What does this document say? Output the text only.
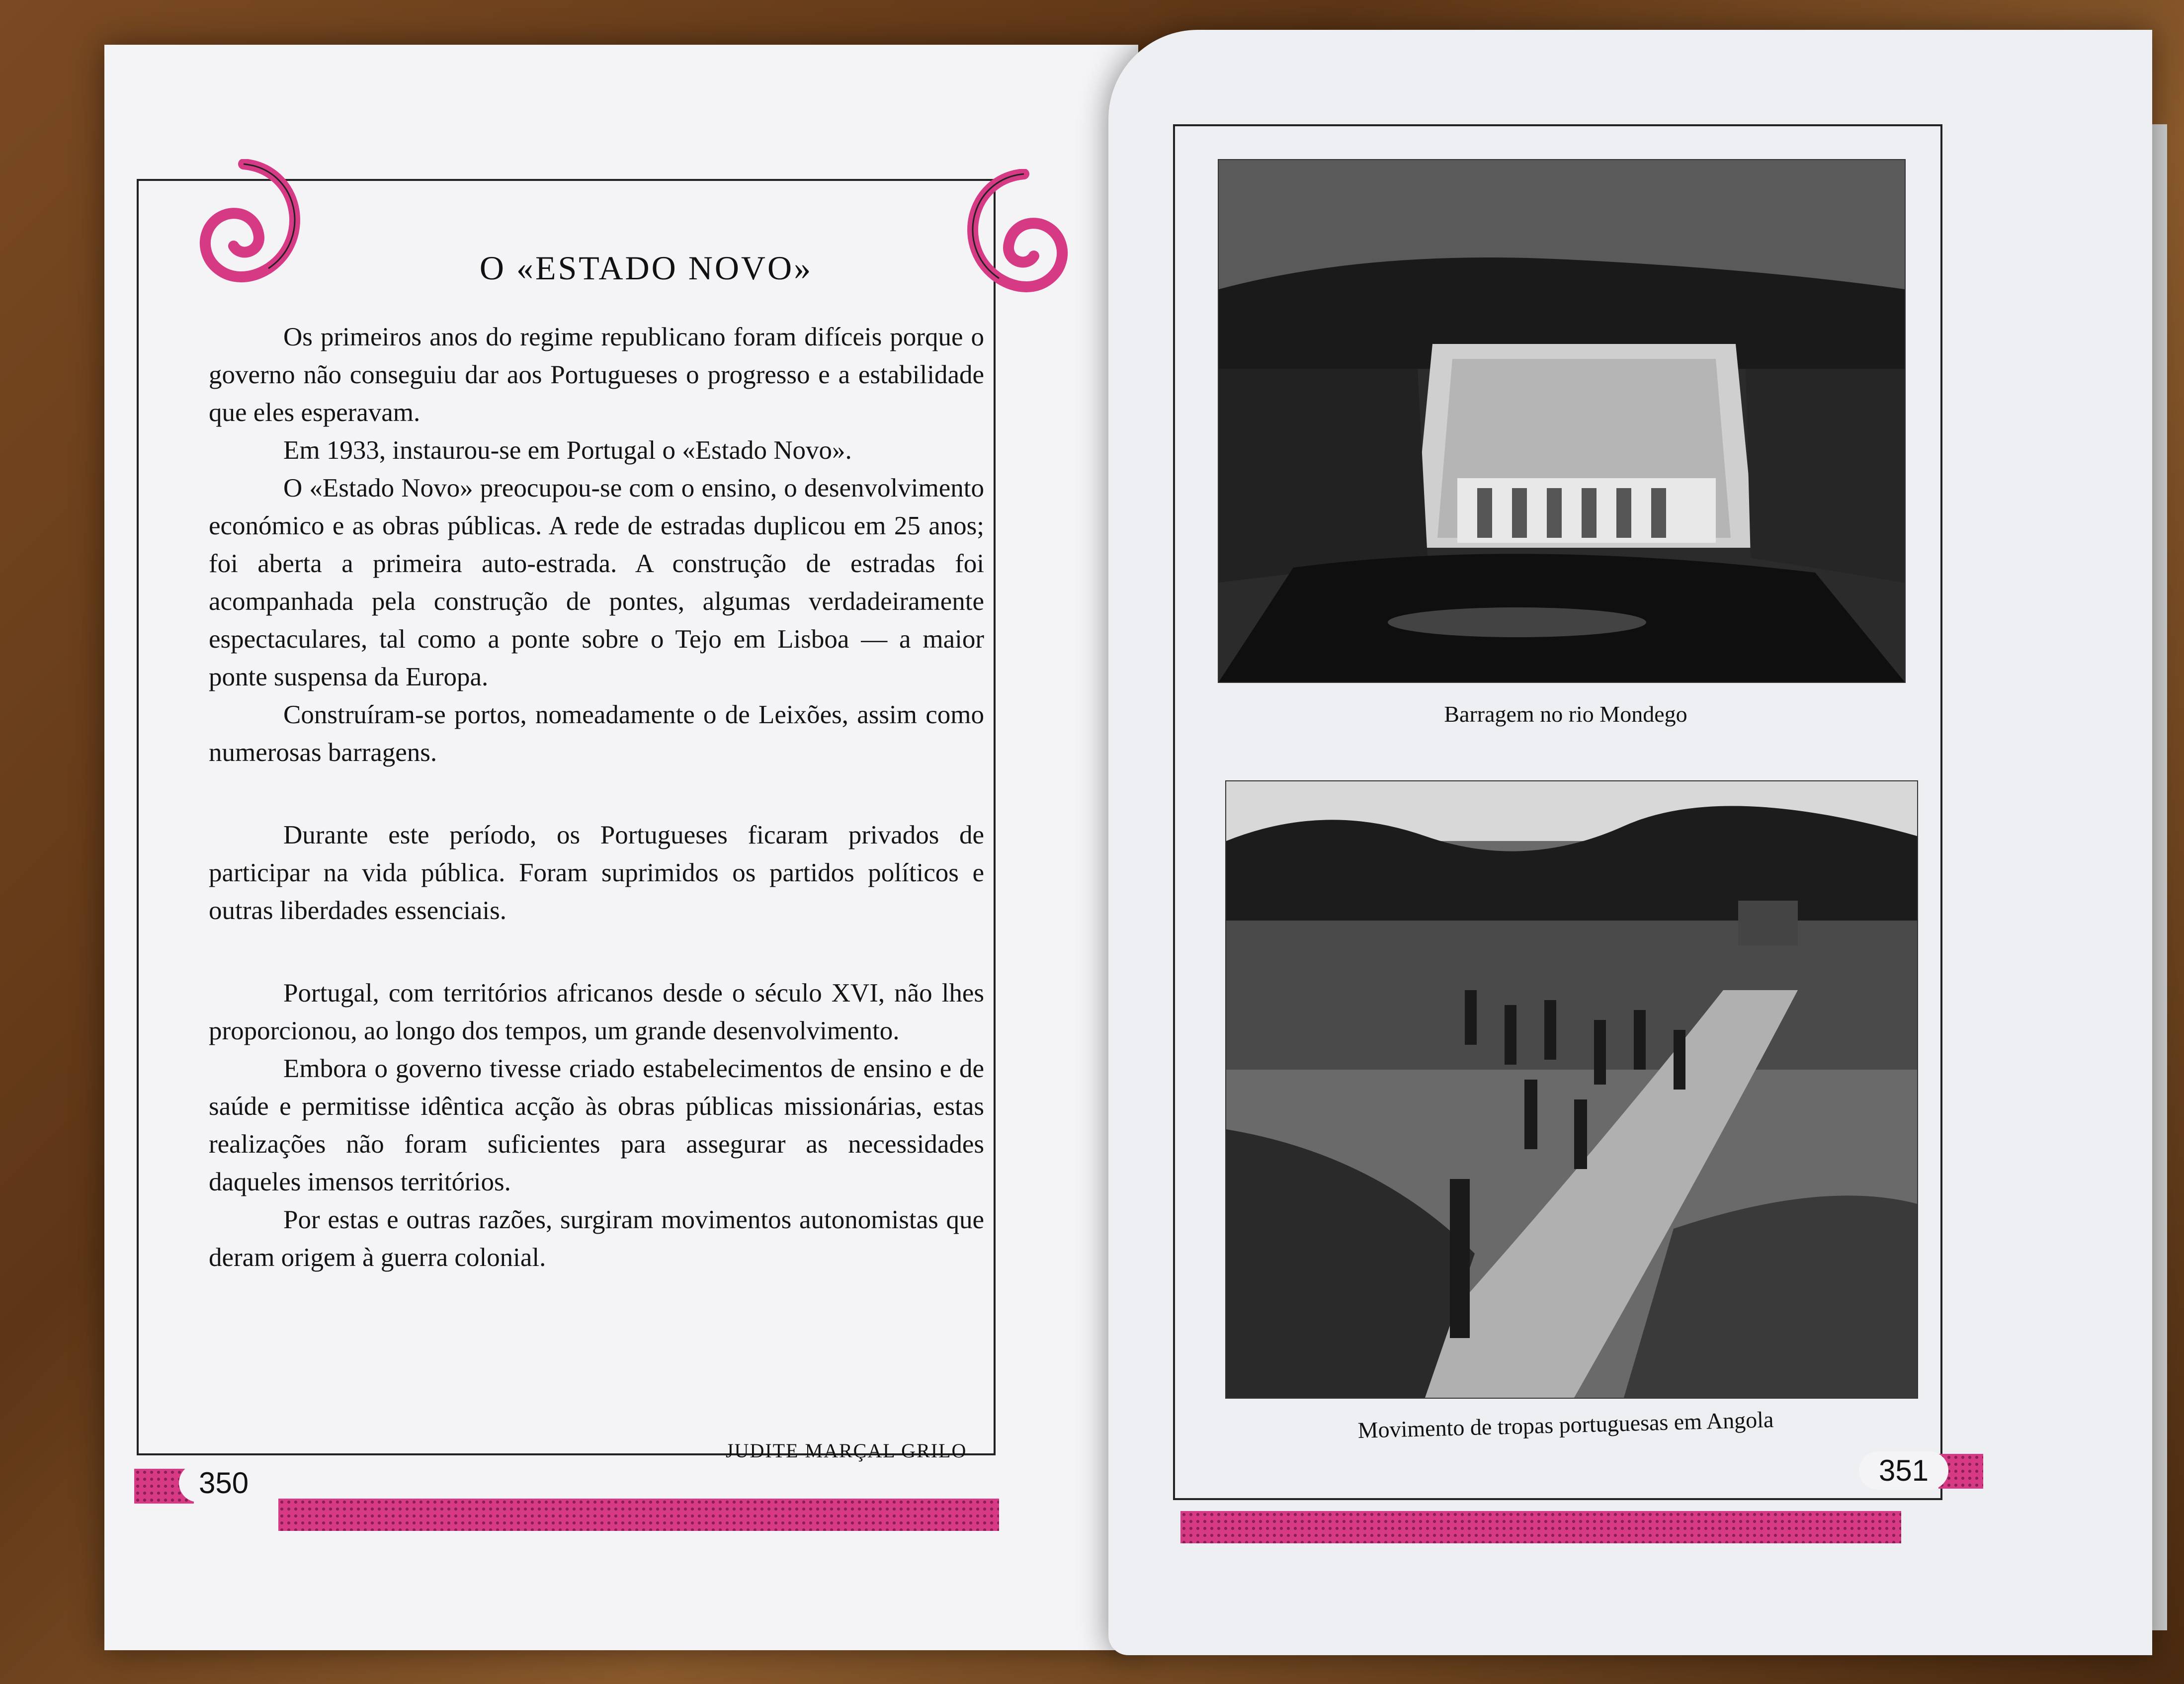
O «ESTADO NOVO»

Os primeiros anos do regime republicano foram difíceis porque o governo não conseguiu dar aos Portugueses o progresso e a estabilidade que eles esperavam.

Em 1933, instaurou-se em Portugal o «Estado Novo».

O «Estado Novo» preocupou-se com o ensino, o desenvolvimento económico e as obras públicas. A rede de estradas duplicou em 25 anos; foi aberta a primeira auto-estrada. A construção de estradas foi acompanhada pela construção de pontes, algumas verdadeiramente espectaculares, tal como a ponte sobre o Tejo em Lisboa — a maior ponte suspensa da Europa.

Construíram-se portos, nomeadamente o de Leixões, assim como numerosas barragens.

Durante este período, os Portugueses ficaram privados de participar na vida pública. Foram suprimidos os partidos políticos e outras liberdades essenciais.

Portugal, com territórios africanos desde o século XVI, não lhes proporcionou, ao longo dos tempos, um grande desenvolvimento.

Embora o governo tivesse criado estabelecimentos de ensino e de saúde e permitisse idêntica acção às obras públicas missionárias, estas realizações não foram suficientes para assegurar as necessidades daqueles imensos territórios.

Por estas e outras razões, surgiram movimentos autonomistas que deram origem à guerra colonial.

JUDITE MARÇAL GRILO
350
Barragem no rio Mondego
Movimento de tropas portuguesas em Angola
351
